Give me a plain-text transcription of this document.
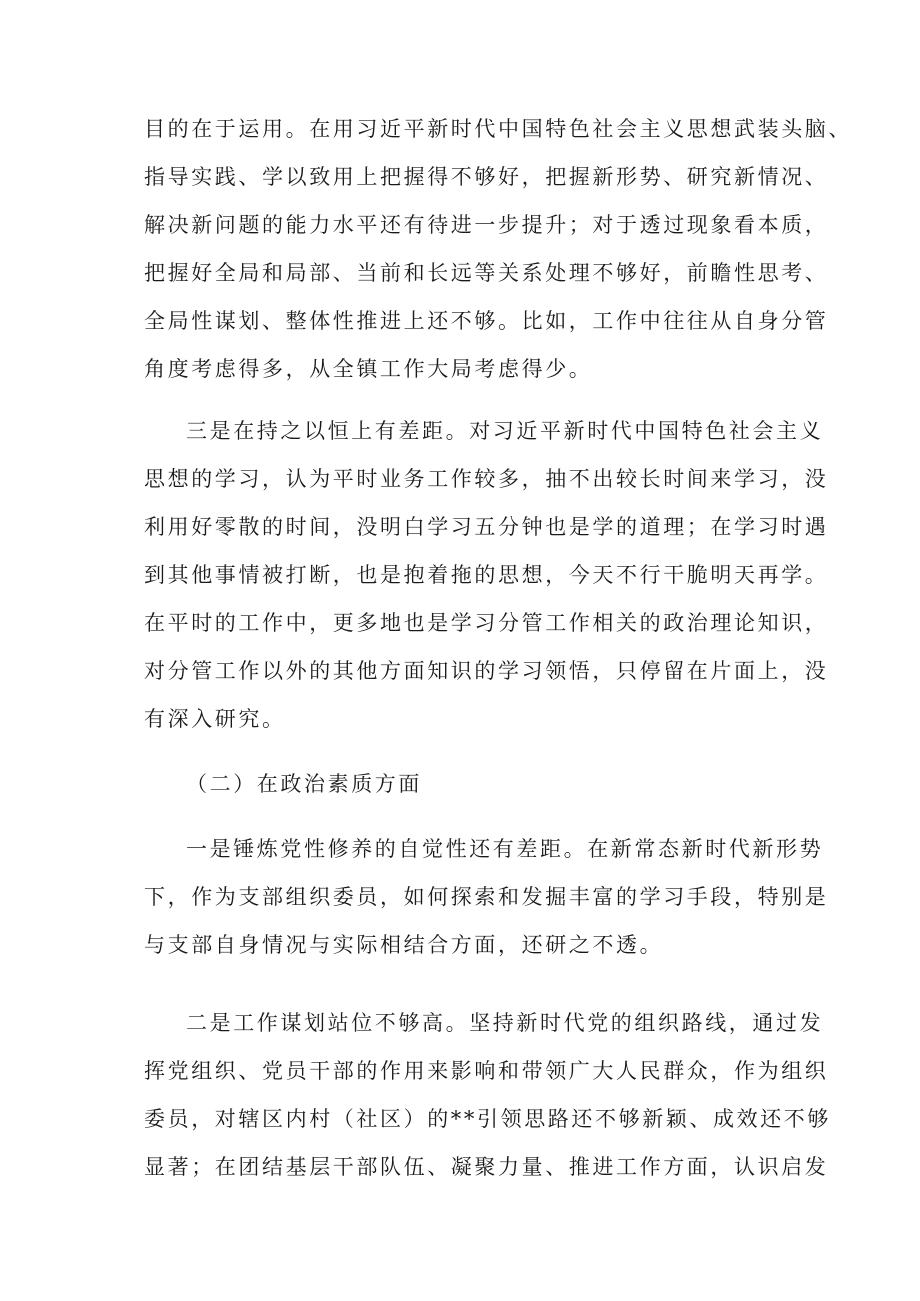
目的在于运用。在用习近平新时代中国特色社会主义思想武装头脑、
指导实践、学以致用上把握得不够好，把握新形势、研究新情况、
解决新问题的能力水平还有待进一步提升；对于透过现象看本质，
把握好全局和局部、当前和长远等关系处理不够好，前瞻性思考、
全局性谋划、整体性推进上还不够。比如，工作中往往从自身分管
角度考虑得多，从全镇工作大局考虑得少。
三是在持之以恒上有差距。对习近平新时代中国特色社会主义
思想的学习，认为平时业务工作较多，抽不出较长时间来学习，没
利用好零散的时间，没明白学习五分钟也是学的道理；在学习时遇
到其他事情被打断，也是抱着拖的思想，今天不行干脆明天再学。
在平时的工作中，更多地也是学习分管工作相关的政治理论知识，
对分管工作以外的其他方面知识的学习领悟，只停留在片面上，没
有深入研究。
（二）在政治素质方面
一是锤炼党性修养的自觉性还有差距。在新常态新时代新形势
下，作为支部组织委员，如何探索和发掘丰富的学习手段，特别是
与支部自身情况与实际相结合方面，还研之不透。
二是工作谋划站位不够高。坚持新时代党的组织路线，通过发
挥党组织、党员干部的作用来影响和带领广大人民群众，作为组织
委员，对辖区内村（社区）的**引领思路还不够新颖、成效还不够
显著；在团结基层干部队伍、凝聚力量、推进工作方面，认识启发
